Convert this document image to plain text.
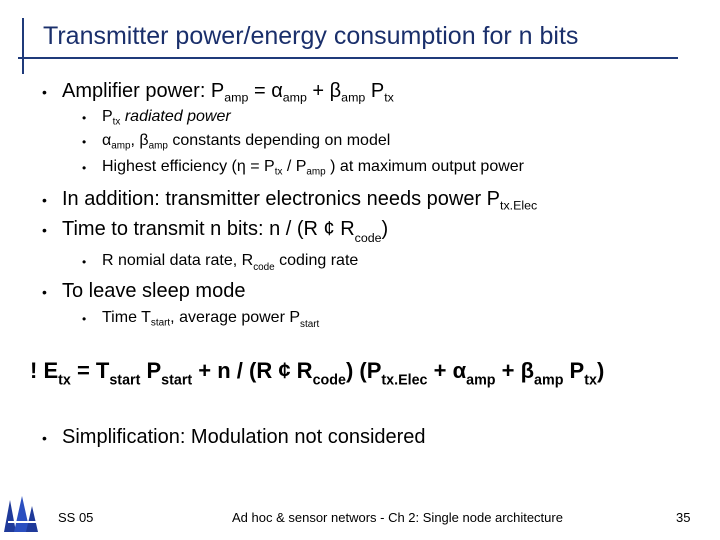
Transmitter power/energy consumption for n bits
• Amplifier power: $P_{amp} = \alpha_{amp} + \beta_{amp}$ $P_{tx}$
• $P_{tx}$ radiated power
• $\alpha_{amp}$, $\beta_{amp}$ constants depending on model
• Highest efficiency ($\eta = P_{tx} / P_{amp}$ ) at maximum output power
• In addition: transmitter electronics needs power $P_{tx.Elec}$
• Time to transmit n bits: n / (R ¢ $R_{code}$)
• R nomial data rate, $R_{code}$ coding rate
• To leave sleep mode
• Time $T_{start}$, average power $P_{start}$
! $E_{tx} = T_{start}$ $P_{start} + n / (R$ ¢ $R_{code}$) ($P_{tx.Elec} + \alpha_{amp} + \beta_{amp}$ $P_{tx}$)
• Simplification: Modulation not considered
SS 05	Ad hoc & sensor networs - Ch 2: Single node architecture	35
